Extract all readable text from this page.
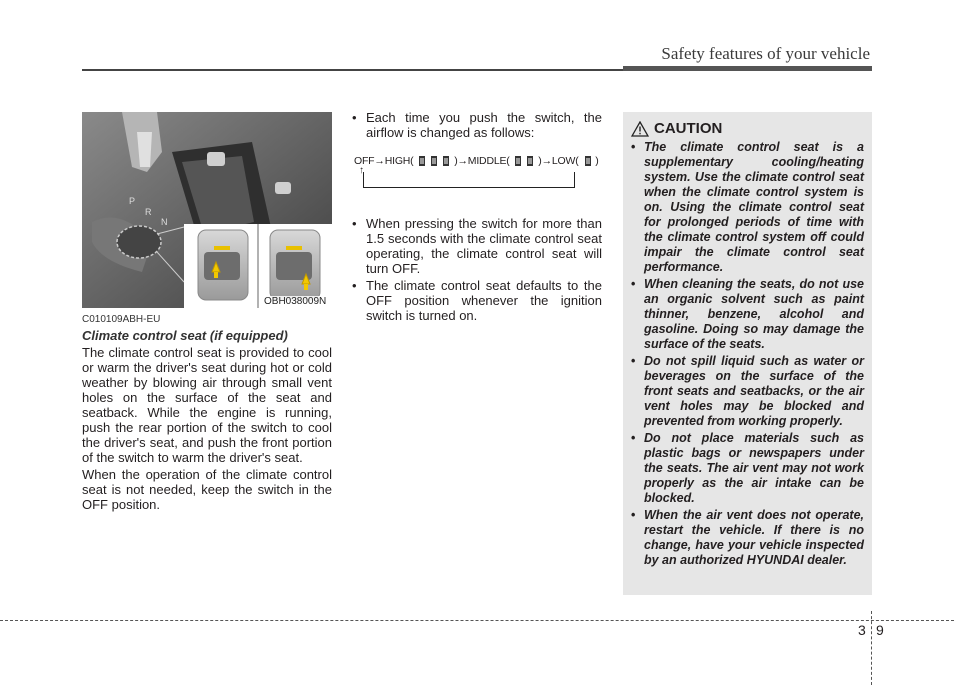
Safety features of your vehicle
P
R
N
OBH038009N
C010109ABH-EU
Climate control seat (if equipped)

The climate control seat is provided to cool or warm the driver's seat during hot or cold weather by blowing air through small vent holes on the surface of the seat and seatback. While the engine is running, push the rear portion of the switch to cool the driver's seat, and push the front portion of the switch to warm the driver's seat.

When the operation of the climate control seat is not needed, keep the switch in the OFF position.

• Each time you push the switch, the airflow is changed as follows:
OFF→HIGH(	)→MIDDLE(	)→LOW( )
↑
• When pressing the switch for more than 1.5 seconds with the climate control seat operating, the climate control seat will turn OFF.
• The climate control seat defaults to the OFF position whenever the ignition switch is turned on.
CAUTION
• The climate control seat is a supplementary cooling/heating system. Use the climate control seat when the climate control system is on. Using the climate control seat for prolonged periods of time with the climate control system off could impair the climate control seat performance.
• When cleaning the seats, do not use an organic solvent such as paint thinner, benzene, alcohol and gasoline. Doing so may damage the surface of the seats.
• Do not spill liquid such as water or beverages on the surface of the front seats and seatbacks, or the air vent holes may be blocked and prevented from working properly.
• Do not place materials such as plastic bags or newspapers under the seats. The air vent may not work properly as the air intake can be blocked.
• When the air vent does not operate, restart the vehicle. If there is no change, have your vehicle inspected by an authorized HYUNDAI dealer.
3 9
